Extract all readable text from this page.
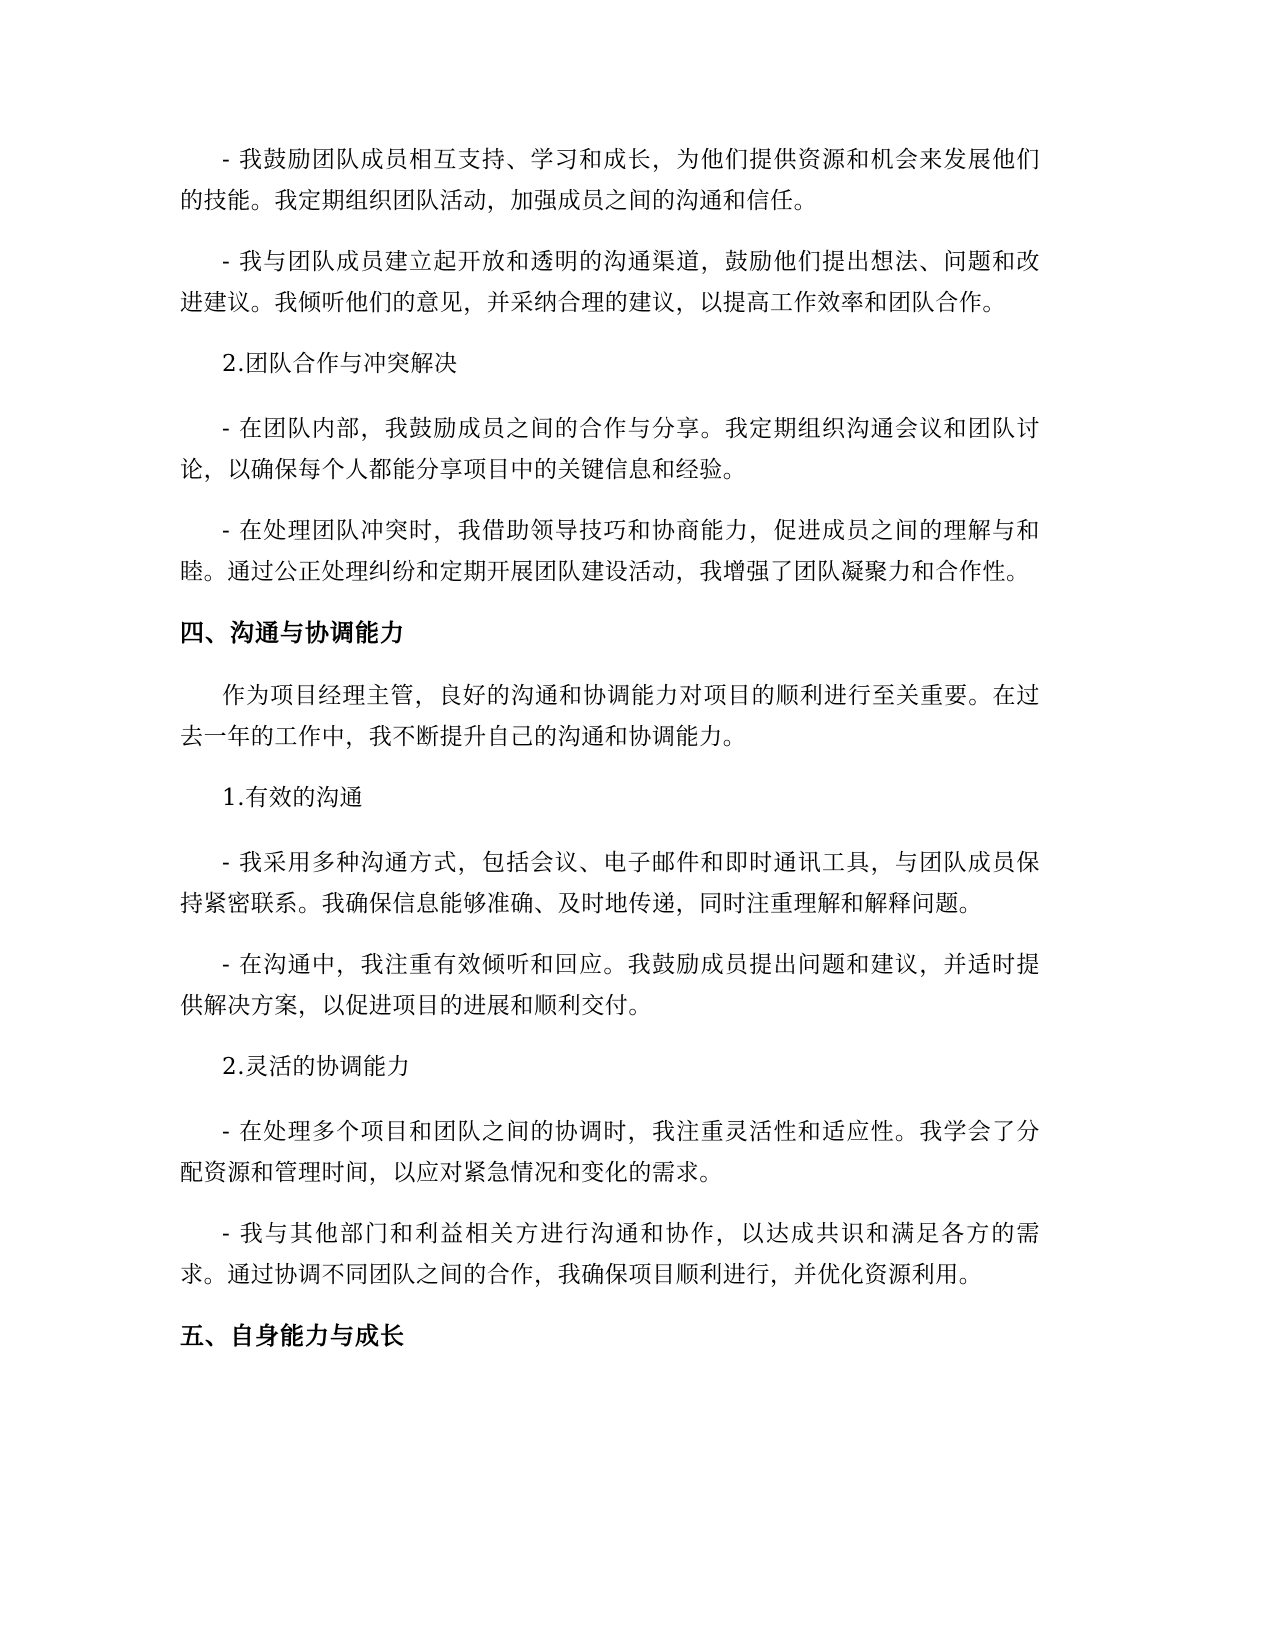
- 我鼓励团队成员相互支持、学习和成长，为他们提供资源和机会来发展他们的技能。我定期组织团队活动，加强成员之间的沟通和信任。

- 我与团队成员建立起开放和透明的沟通渠道，鼓励他们提出想法、问题和改进建议。我倾听他们的意见，并采纳合理的建议，以提高工作效率和团队合作。

2.团队合作与冲突解决

- 在团队内部，我鼓励成员之间的合作与分享。我定期组织沟通会议和团队讨论，以确保每个人都能分享项目中的关键信息和经验。

- 在处理团队冲突时，我借助领导技巧和协商能力，促进成员之间的理解与和睦。通过公正处理纠纷和定期开展团队建设活动，我增强了团队凝聚力和合作性。

四、沟通与协调能力

作为项目经理主管，良好的沟通和协调能力对项目的顺利进行至关重要。在过去一年的工作中，我不断提升自己的沟通和协调能力。

1.有效的沟通

- 我采用多种沟通方式，包括会议、电子邮件和即时通讯工具，与团队成员保持紧密联系。我确保信息能够准确、及时地传递，同时注重理解和解释问题。

- 在沟通中，我注重有效倾听和回应。我鼓励成员提出问题和建议，并适时提供解决方案，以促进项目的进展和顺利交付。

2.灵活的协调能力

- 在处理多个项目和团队之间的协调时，我注重灵活性和适应性。我学会了分配资源和管理时间，以应对紧急情况和变化的需求。

- 我与其他部门和利益相关方进行沟通和协作，以达成共识和满足各方的需求。通过协调不同团队之间的合作，我确保项目顺利进行，并优化资源利用。

五、自身能力与成长
